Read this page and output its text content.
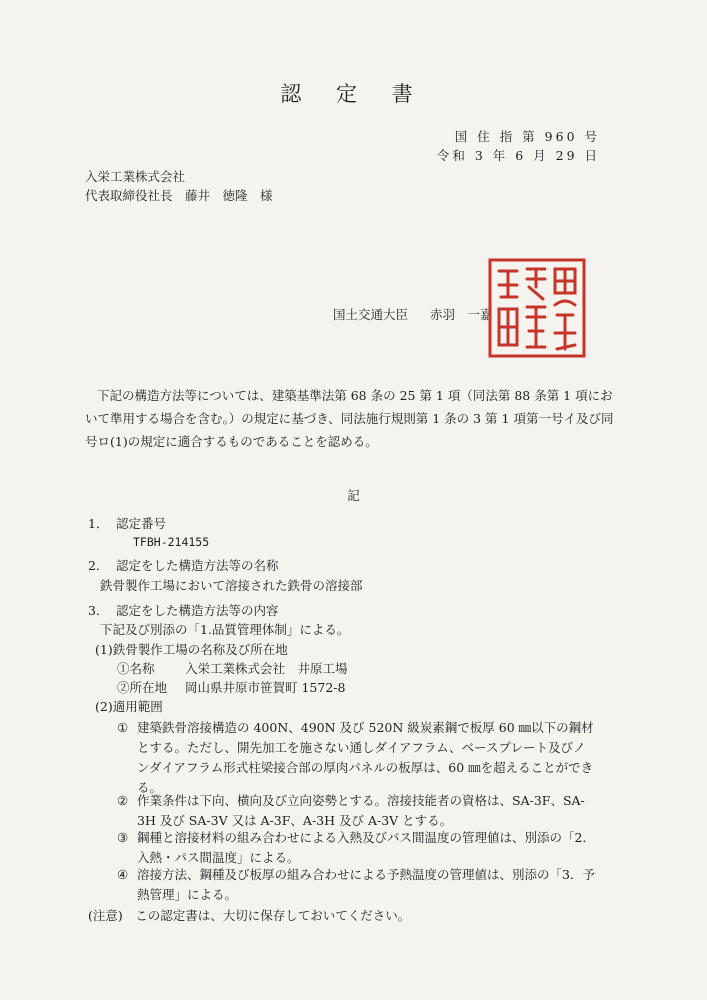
認 定 書
国 住 指 第 960 号
令和 3 年 6 月 29 日
入栄工業株式会社
代表取締役社長　藤井　徳隆　様
国土交通大臣 赤羽　一嘉
下記の構造方法等については、建築基準法第 68 条の 25 第 1 項（同法第 88 条第 1 項において準用する場合を含む。）の規定に基づき、同法施行規則第 1 条の 3 第 1 項第一号イ及び同号ロ(1)の規定に適合するものであることを認める。
記
1． 認定番号
TFBH-214155
2． 認定をした構造方法等の名称
鉄骨製作工場において溶接された鉄骨の溶接部
3． 認定をした構造方法等の内容
下記及び別添の「1.品質管理体制」による。
(1)鉄骨製作工場の名称及び所在地
①名称 入栄工業株式会社　井原工場
②所在地 岡山県井原市笹賀町 1572-8
(2)適用範囲
① 建築鉄骨溶接構造の 400N、490N 及び 520N 級炭素鋼で板厚 60 ㎜以下の鋼材とする。ただし、開先加工を施さない通しダイアフラム、ベースプレート及びノンダイアフラム形式柱梁接合部の厚肉パネルの板厚は、60 ㎜を超えることができる。
② 作業条件は下向、横向及び立向姿勢とする。溶接技能者の資格は、SA-3F、SA-3H 及び SA-3V 又は A-3F、A-3H 及び A-3V とする。
③ 鋼種と溶接材料の組み合わせによる入熱及びパス間温度の管理値は、別添の「2．入熱・パス間温度」による。
④ 溶接方法、鋼種及び板厚の組み合わせによる予熱温度の管理値は、別添の「3．予熱管理」による。
(注意)　この認定書は、大切に保存しておいてください。
